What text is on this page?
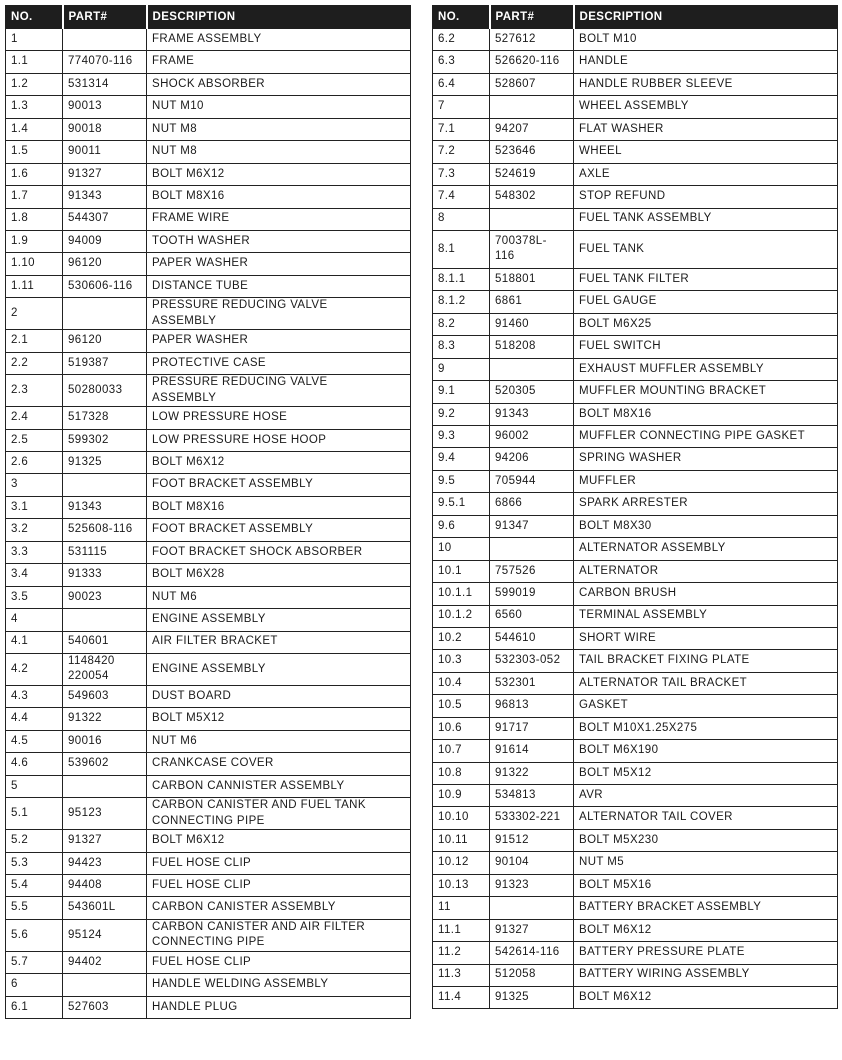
NO.	PART#	DESCRIPTION
1		FRAME ASSEMBLY
1.1	774070-116	FRAME
1.2	531314	SHOCK ABSORBER
1.3	90013	NUT M10
1.4	90018	NUT M8
1.5	90011	NUT M8
1.6	91327	BOLT M6X12
1.7	91343	BOLT M8X16
1.8	544307	FRAME WIRE
1.9	94009	TOOTH WASHER
1.10	96120	PAPER WASHER
1.11	530606-116	DISTANCE TUBE
2		PRESSURE REDUCING VALVE
ASSEMBLY
2.1	96120	PAPER WASHER
2.2	519387	PROTECTIVE CASE
2.3	50280033	PRESSURE REDUCING VALVE
ASSEMBLY
2.4	517328	LOW PRESSURE HOSE
2.5	599302	LOW PRESSURE HOSE HOOP
2.6	91325	BOLT M6X12
3		FOOT BRACKET ASSEMBLY
3.1	91343	BOLT M8X16
3.2	525608-116	FOOT BRACKET ASSEMBLY
3.3	531115	FOOT BRACKET SHOCK ABSORBER
3.4	91333	BOLT M6X28
3.5	90023	NUT M6
4		ENGINE ASSEMBLY
4.1	540601	AIR FILTER BRACKET
4.2	1148420
220054	ENGINE ASSEMBLY
4.3	549603	DUST BOARD
4.4	91322	BOLT M5X12
4.5	90016	NUT M6
4.6	539602	CRANKCASE COVER
5		CARBON CANNISTER ASSEMBLY
5.1	95123	CARBON CANISTER AND FUEL TANK
CONNECTING PIPE
5.2	91327	BOLT M6X12
5.3	94423	FUEL HOSE CLIP
5.4	94408	FUEL HOSE CLIP
5.5	543601L	CARBON CANISTER ASSEMBLY
5.6	95124	CARBON CANISTER AND AIR FILTER
CONNECTING PIPE
5.7	94402	FUEL HOSE CLIP
6		HANDLE WELDING ASSEMBLY
6.1	527603	HANDLE PLUG
NO.	PART#	DESCRIPTION
6.2	527612	BOLT M10
6.3	526620-116	HANDLE
6.4	528607	HANDLE RUBBER SLEEVE
7		WHEEL ASSEMBLY
7.1	94207	FLAT WASHER
7.2	523646	WHEEL
7.3	524619	AXLE
7.4	548302	STOP REFUND
8		FUEL TANK ASSEMBLY
8.1	700378L-
116	FUEL TANK
8.1.1	518801	FUEL TANK FILTER
8.1.2	6861	FUEL GAUGE
8.2	91460	BOLT M6X25
8.3	518208	FUEL SWITCH
9		EXHAUST MUFFLER ASSEMBLY
9.1	520305	MUFFLER MOUNTING BRACKET
9.2	91343	BOLT M8X16
9.3	96002	MUFFLER CONNECTING PIPE GASKET
9.4	94206	SPRING WASHER
9.5	705944	MUFFLER
9.5.1	6866	SPARK ARRESTER
9.6	91347	BOLT M8X30
10		ALTERNATOR ASSEMBLY
10.1	757526	ALTERNATOR
10.1.1	599019	CARBON BRUSH
10.1.2	6560	TERMINAL ASSEMBLY
10.2	544610	SHORT WIRE
10.3	532303-052	TAIL BRACKET FIXING PLATE
10.4	532301	ALTERNATOR TAIL BRACKET
10.5	96813	GASKET
10.6	91717	BOLT M10X1.25X275
10.7	91614	BOLT M6X190
10.8	91322	BOLT M5X12
10.9	534813	AVR
10.10	533302-221	ALTERNATOR TAIL COVER
10.11	91512	BOLT M5X230
10.12	90104	NUT M5
10.13	91323	BOLT M5X16
11		BATTERY BRACKET ASSEMBLY
11.1	91327	BOLT M6X12
11.2	542614-116	BATTERY PRESSURE PLATE
11.3	512058	BATTERY WIRING ASSEMBLY
11.4	91325	BOLT M6X12
